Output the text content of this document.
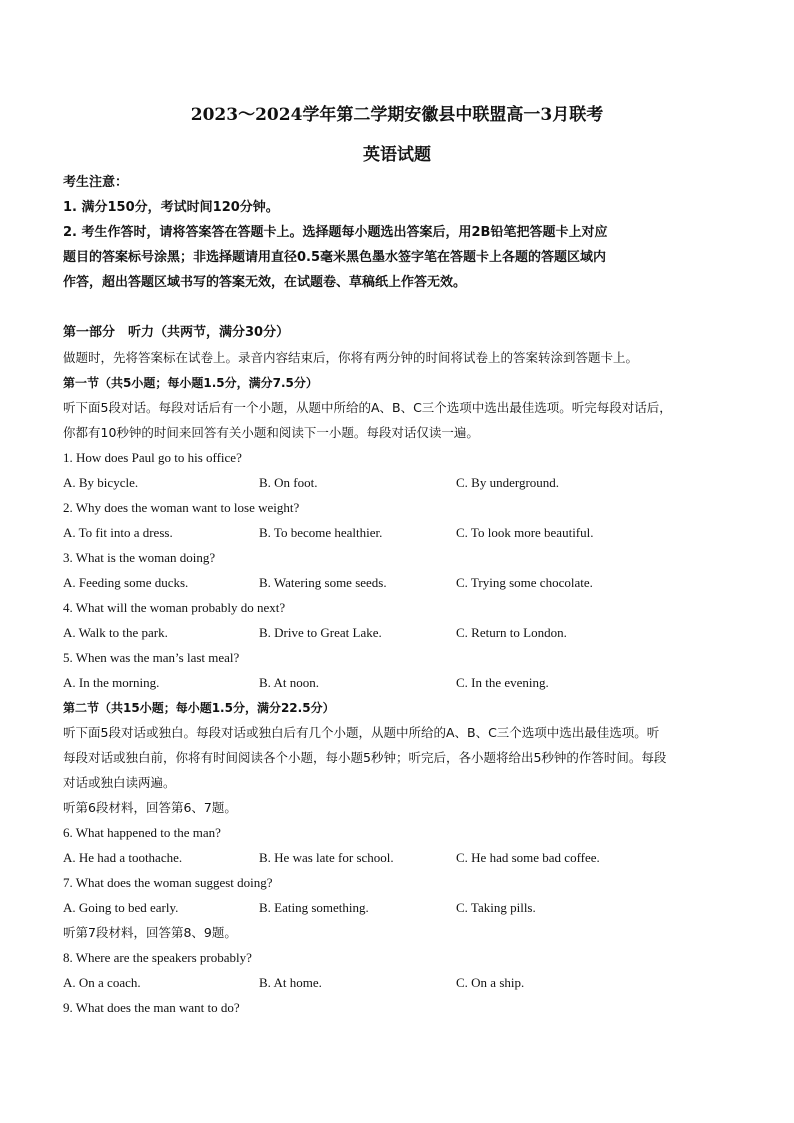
2023～2024学年第二学期安徽县中联盟高一3月联考
英语试题
考生注意：
1. 满分150分，考试时间120分钟。
2. 考生作答时，请将答案答在答题卡上。选择题每小题选出答案后，用2B铅笔把答题卡上对应
题目的答案标号涂黑；非选择题请用直径0.5毫米黑色墨水签字笔在答题卡上各题的答题区域内
作答，超出答题区域书写的答案无效，在试题卷、草稿纸上作答无效。
第一部分　听力（共两节，满分30分）
做题时，先将答案标在试卷上。录音内容结束后，你将有两分钟的时间将试卷上的答案转涂到答题卡上。
第一节（共5小题；每小题1.5分，满分7.5分）
听下面5段对话。每段对话后有一个小题，从题中所给的A、B、C三个选项中选出最佳选项。听完每段对话后，
你都有10秒钟的时间来回答有关小题和阅读下一小题。每段对话仅读一遍。
1. How does Paul go to his office?
A. By bicycle.	B. On foot.	C. By underground.
2. Why does the woman want to lose weight?
A. To fit into a dress.	B. To become healthier.	C. To look more beautiful.
3. What is the woman doing?
A. Feeding some ducks.	B. Watering some seeds.	C. Trying some chocolate.
4. What will the woman probably do next?
A. Walk to the park.	B. Drive to Great Lake.	C. Return to London.
5. When was the man’s last meal?
A. In the morning.	B. At noon.	C. In the evening.
第二节（共15小题；每小题1.5分，满分22.5分）
听下面5段对话或独白。每段对话或独白后有几个小题，从题中所给的A、B、C三个选项中选出最佳选项。听
每段对话或独白前，你将有时间阅读各个小题，每小题5秒钟；听完后，各小题将给出5秒钟的作答时间。每段
对话或独白读两遍。
听第6段材料，回答第6、7题。
6. What happened to the man?
A. He had a toothache.	B. He was late for school.	C. He had some bad coffee.
7. What does the woman suggest doing?
A. Going to bed early.	B. Eating something.	C. Taking pills.
听第7段材料，回答第8、9题。
8. Where are the speakers probably?
A. On a coach.	B. At home.	C. On a ship.
9. What does the man want to do?
